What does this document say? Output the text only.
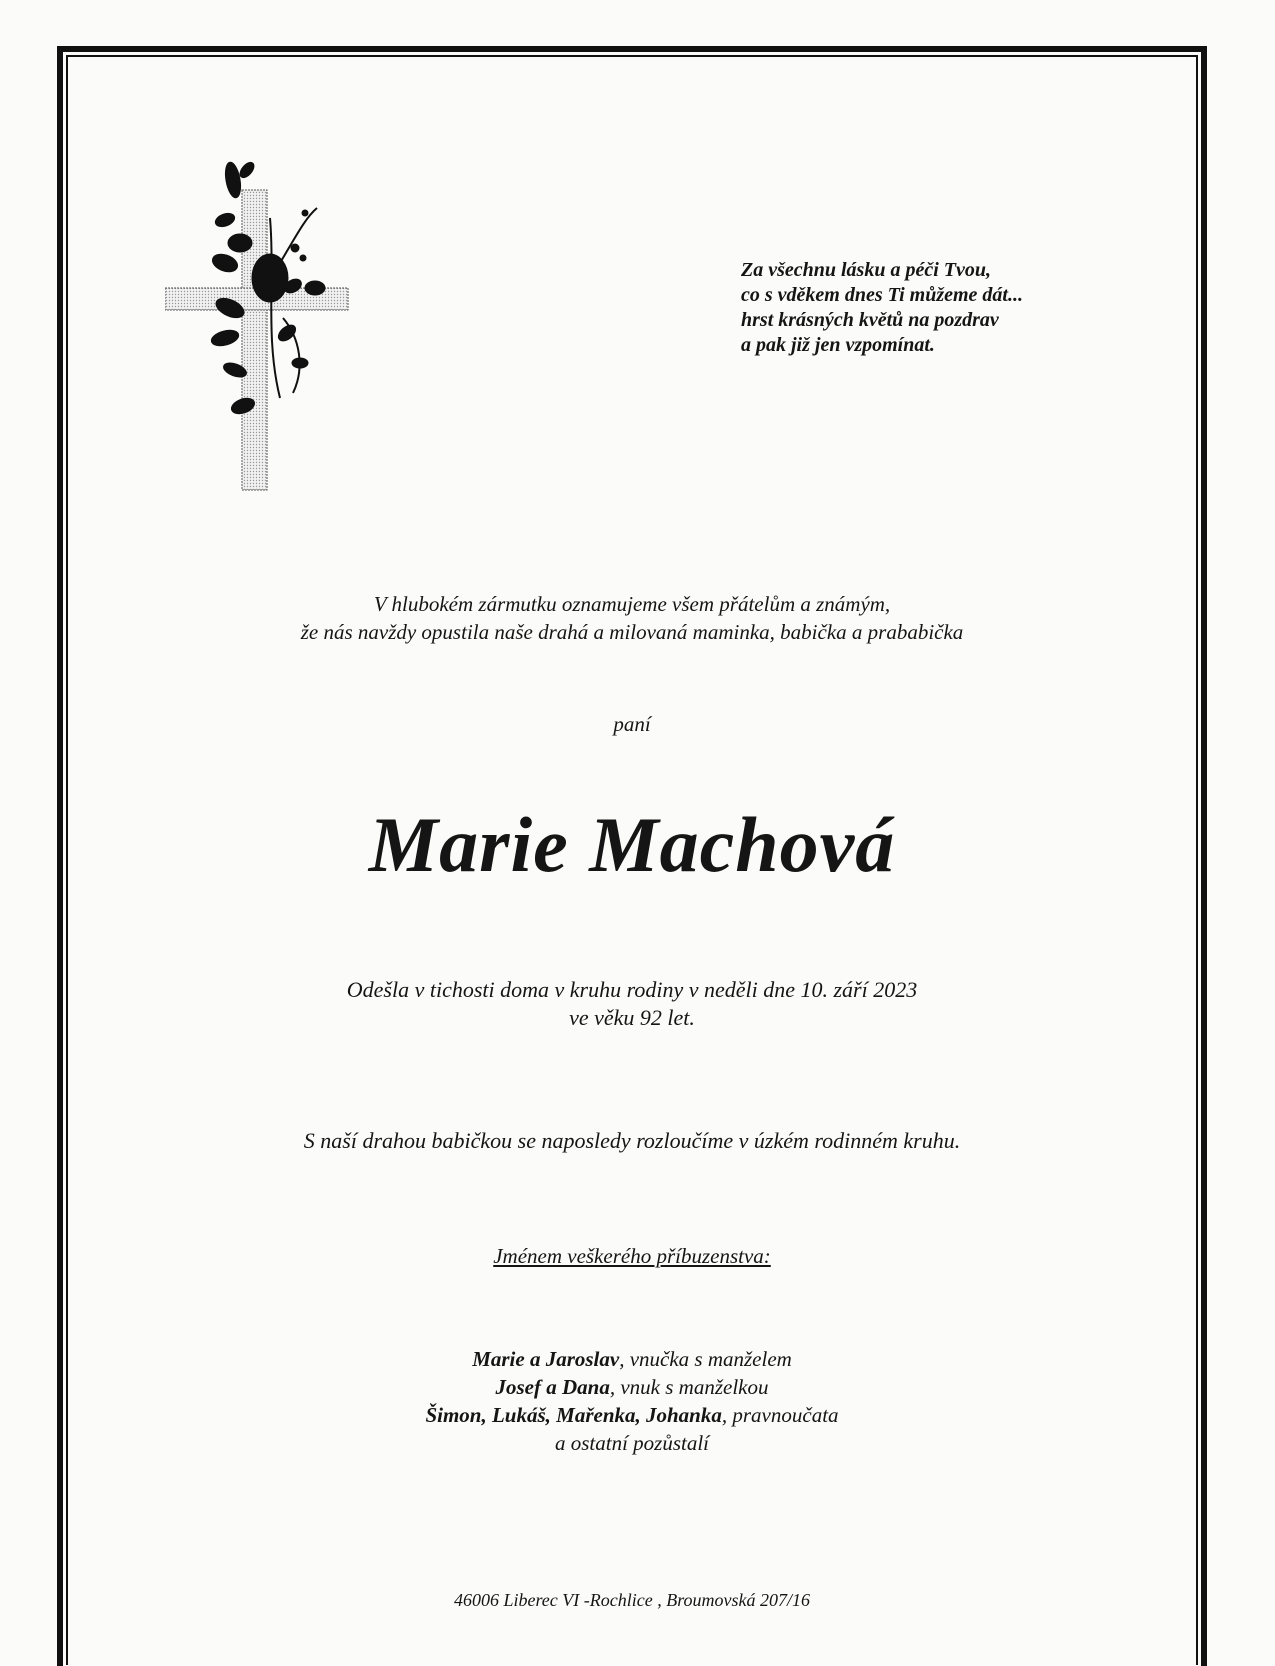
Za všechnu lásku a péči Tvou,
co s vděkem dnes Ti můžeme dát...
hrst krásných květů na pozdrav
a pak již jen vzpomínat.
V hlubokém zármutku oznamujeme všem přátelům a známým,
že nás navždy opustila naše drahá a milovaná maminka, babička a prababička
paní
Marie Machová
Odešla v tichosti doma v kruhu rodiny v neděli dne 10. září 2023
ve věku 92 let.
S naší drahou babičkou se naposledy rozloučíme v úzkém rodinném kruhu.
Jménem veškerého příbuzenstva:
Marie a Jaroslav, vnučka s manželem
Josef a Dana, vnuk s manželkou
Šimon, Lukáš, Mařenka, Johanka, pravnoučata
a ostatní pozůstalí
46006 Liberec VI -Rochlice , Broumovská 207/16
